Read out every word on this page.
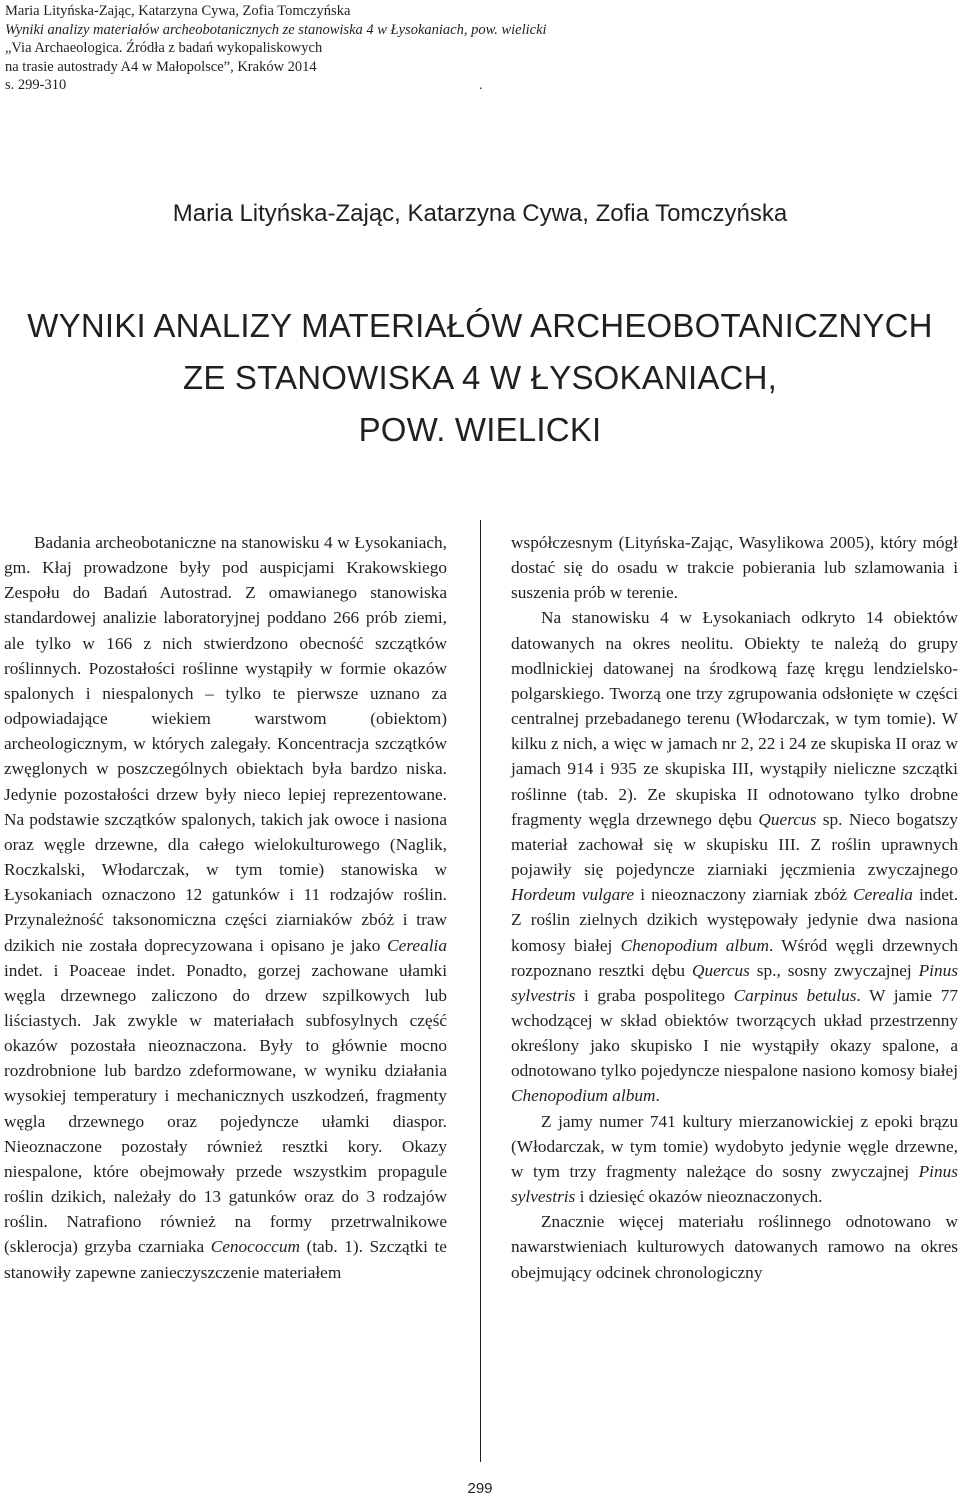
Maria Lityńska-Zając, Katarzyna Cywa, Zofia Tomczyńska
Wyniki analizy materiałów archeobotanicznych ze stanowiska 4 w Łysokaniach, pow. wielicki
„Via Archaeologica. Źródła z badań wykopaliskowych
na trasie autostrady A4 w Małopolsce”, Kraków 2014
s. 299-310	.
Maria Lityńska-Zając, Katarzyna Cywa, Zofia Tomczyńska
WYNIKI ANALIZY MATERIAŁÓW ARCHEOBOTANICZNYCH
ZE STANOWISKA 4 W ŁYSOKANIACH,
POW. WIELICKI

Badania archeobotaniczne na stanowisku 4 w Łysokaniach, gm. Kłaj prowadzone były pod auspicjami Krakowskiego Zespołu do Badań Autostrad. Z omawianego stanowiska standardowej analizie laboratoryjnej poddano 266 prób ziemi, ale tylko w 166 z nich stwierdzono obecność szczątków roślinnych. Pozostałości roślinne wystąpiły w formie okazów spalonych i niespalonych – tylko te pierwsze uznano za odpowiadające wiekiem warstwom (obiektom) archeologicznym, w których zalegały. Koncentracja szczątków zwęglonych w poszczególnych obiektach była bardzo niska. Jedynie pozostałości drzew były nieco lepiej reprezentowane. Na podstawie szczątków spalonych, takich jak owoce i nasiona oraz węgle drzewne, dla całego wielokulturowego (Naglik, Roczkalski, Włodarczak, w tym tomie) stanowiska w Łysokaniach oznaczono 12 gatunków i 11 rodzajów roślin. Przynależność taksonomiczna części ziarniaków zbóż i traw dzikich nie została doprecyzowana i opisano je jako Cerealia indet. i Poaceae indet. Ponadto, gorzej zachowane ułamki węgla drzewnego zaliczono do drzew szpilkowych lub liściastych. Jak zwykle w materiałach subfosylnych część okazów pozostała nieoznaczona. Były to głównie mocno rozdrobnione lub bardzo zdeformowane, w wyniku działania wysokiej temperatury i mechanicznych uszkodzeń, fragmenty węgla drzewnego oraz pojedyncze ułamki diaspor. Nieoznaczone pozostały również resztki kory. Okazy niespalone, które obejmowały przede wszystkim propagule roślin dzikich, należały do 13 gatunków oraz do 3 rodzajów roślin. Natrafiono również na formy przetrwalnikowe (sklerocja) grzyba czarniaka Cenococcum (tab. 1). Szczątki te stanowiły zapewne zanieczyszczenie materiałem

współczesnym (Lityńska-Zając, Wasylikowa 2005), który mógł dostać się do osadu w trakcie pobierania lub szlamowania i suszenia prób w terenie.

Na stanowisku 4 w Łysokaniach odkryto 14 obiektów datowanych na okres neolitu. Obiekty te należą do grupy modlnickiej datowanej na środkową fazę kręgu lendzielsko-polgarskiego. Tworzą one trzy zgrupowania odsłonięte w części centralnej przebadanego terenu (Włodarczak, w tym tomie). W kilku z nich, a więc w jamach nr 2, 22 i 24 ze skupiska II oraz w jamach 914 i 935 ze skupiska III, wystąpiły nieliczne szczątki roślinne (tab. 2). Ze skupiska II odnotowano tylko drobne fragmenty węgla drzewnego dębu Quercus sp. Nieco bogatszy materiał zachował się w skupisku III. Z roślin uprawnych pojawiły się pojedyncze ziarniaki jęczmienia zwyczajnego Hordeum vulgare i nieoznaczony ziarniak zbóż Cerealia indet. Z roślin zielnych dzikich występowały jedynie dwa nasiona komosy białej Chenopodium album. Wśród węgli drzewnych rozpoznano resztki dębu Quercus sp., sosny zwyczajnej Pinus sylvestris i graba pospolitego Carpinus betulus. W jamie 77 wchodzącej w skład obiektów tworzących układ przestrzenny określony jako skupisko I nie wystąpiły okazy spalone, a odnotowano tylko pojedyncze niespalone nasiono komosy białej Chenopodium album.

Z jamy numer 741 kultury mierzanowickiej z epoki brązu (Włodarczak, w tym tomie) wydobyto jedynie węgle drzewne, w tym trzy fragmenty należące do sosny zwyczajnej Pinus sylvestris i dziesięć okazów nieoznaczonych.

Znacznie więcej materiału roślinnego odnotowano w nawarstwieniach kulturowych datowanych ramowo na okres obejmujący odcinek chronologiczny

299
